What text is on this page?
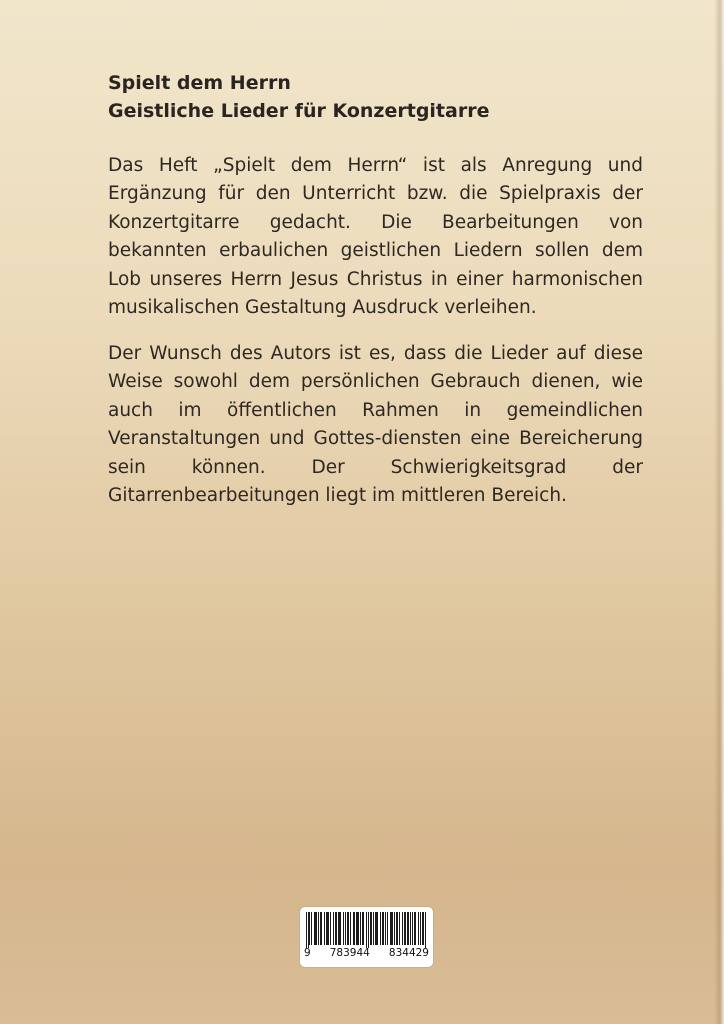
Spielt dem Herrn
Geistliche Lieder für Konzertgitarre
Das Heft „Spielt dem Herrn“ ist als Anregung und Ergänzung für den Unterricht bzw. die Spielpraxis der Konzertgitarre gedacht. Die Bearbeitungen von bekannten erbaulichen geistlichen Liedern sollen dem Lob unseres Herrn Jesus Christus in einer harmonischen musikalischen Gestaltung Ausdruck verleihen.
Der Wunsch des Autors ist es, dass die Lieder auf diese Weise sowohl dem persönlichen Gebrauch dienen, wie auch im öffentlichen Rahmen in gemeindlichen Veranstaltungen und Gottes-diensten eine Bereicherung sein können. Der Schwierigkeitsgrad der Gitarrenbearbeitungen liegt im mittleren Bereich.
9 783944 834429
